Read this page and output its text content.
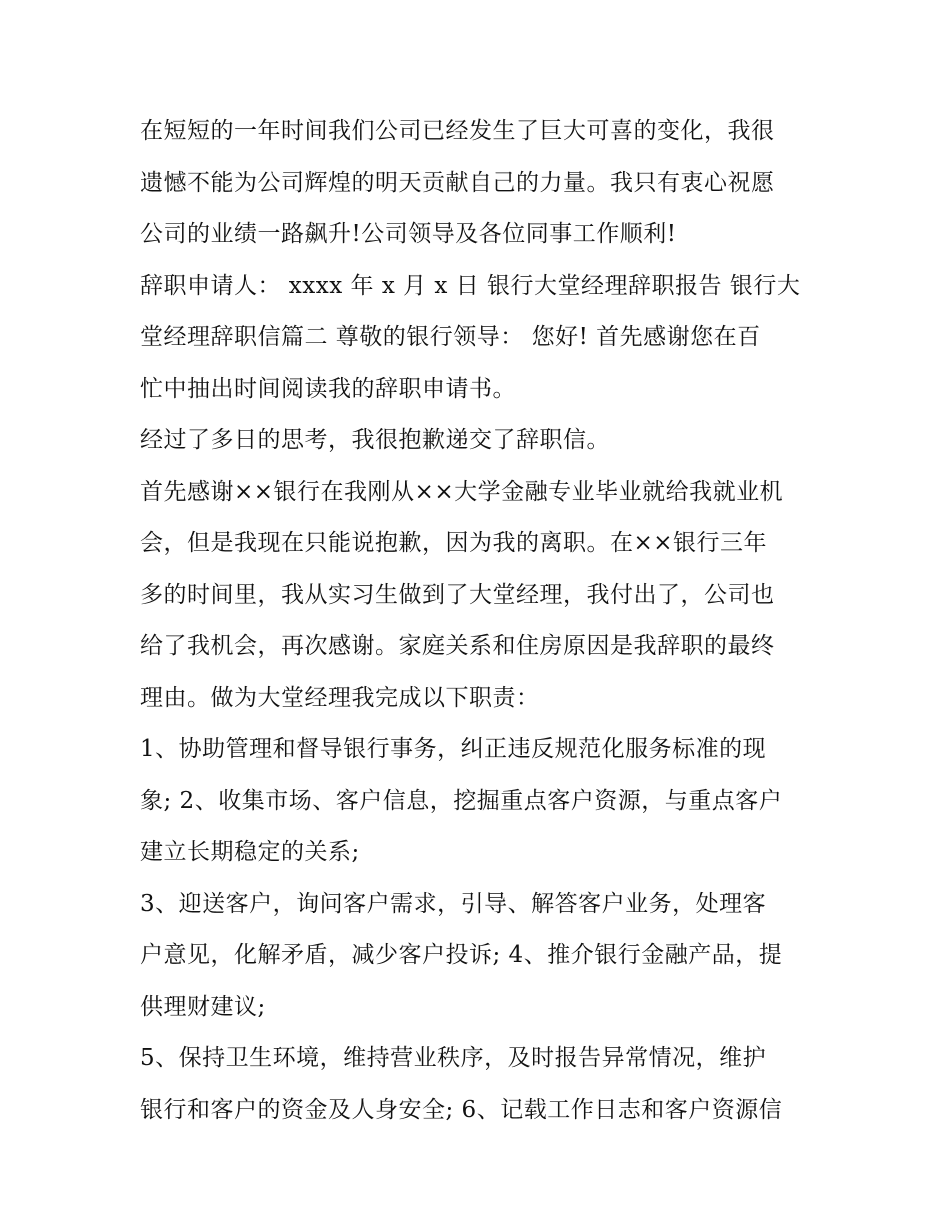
在短短的一年时间我们公司已经发生了巨大可喜的变化，我很
遗憾不能为公司辉煌的明天贡献自己的力量。我只有衷心祝愿
公司的业绩一路飙升!公司领导及各位同事工作顺利!

辞职申请人： xxxx 年 x 月 x 日 银行大堂经理辞职报告 银行大
堂经理辞职信篇二 尊敬的银行领导： 您好! 首先感谢您在百
忙中抽出时间阅读我的辞职申请书。

经过了多日的思考，我很抱歉递交了辞职信。

首先感谢××银行在我刚从××大学金融专业毕业就给我就业机
会，但是我现在只能说抱歉，因为我的离职。在××银行三年
多的时间里，我从实习生做到了大堂经理，我付出了，公司也
给了我机会，再次感谢。家庭关系和住房原因是我辞职的最终
理由。做为大堂经理我完成以下职责：

1、协助管理和督导银行事务，纠正违反规范化服务标准的现
象; 2、收集市场、客户信息，挖掘重点客户资源，与重点客户
建立长期稳定的关系;

3、迎送客户，询问客户需求，引导、解答客户业务，处理客
户意见，化解矛盾，减少客户投诉; 4、推介银行金融产品，提
供理财建议;

5、保持卫生环境，维持营业秩序，及时报告异常情况，维护
银行和客户的资金及人身安全; 6、记载工作日志和客户资源信
